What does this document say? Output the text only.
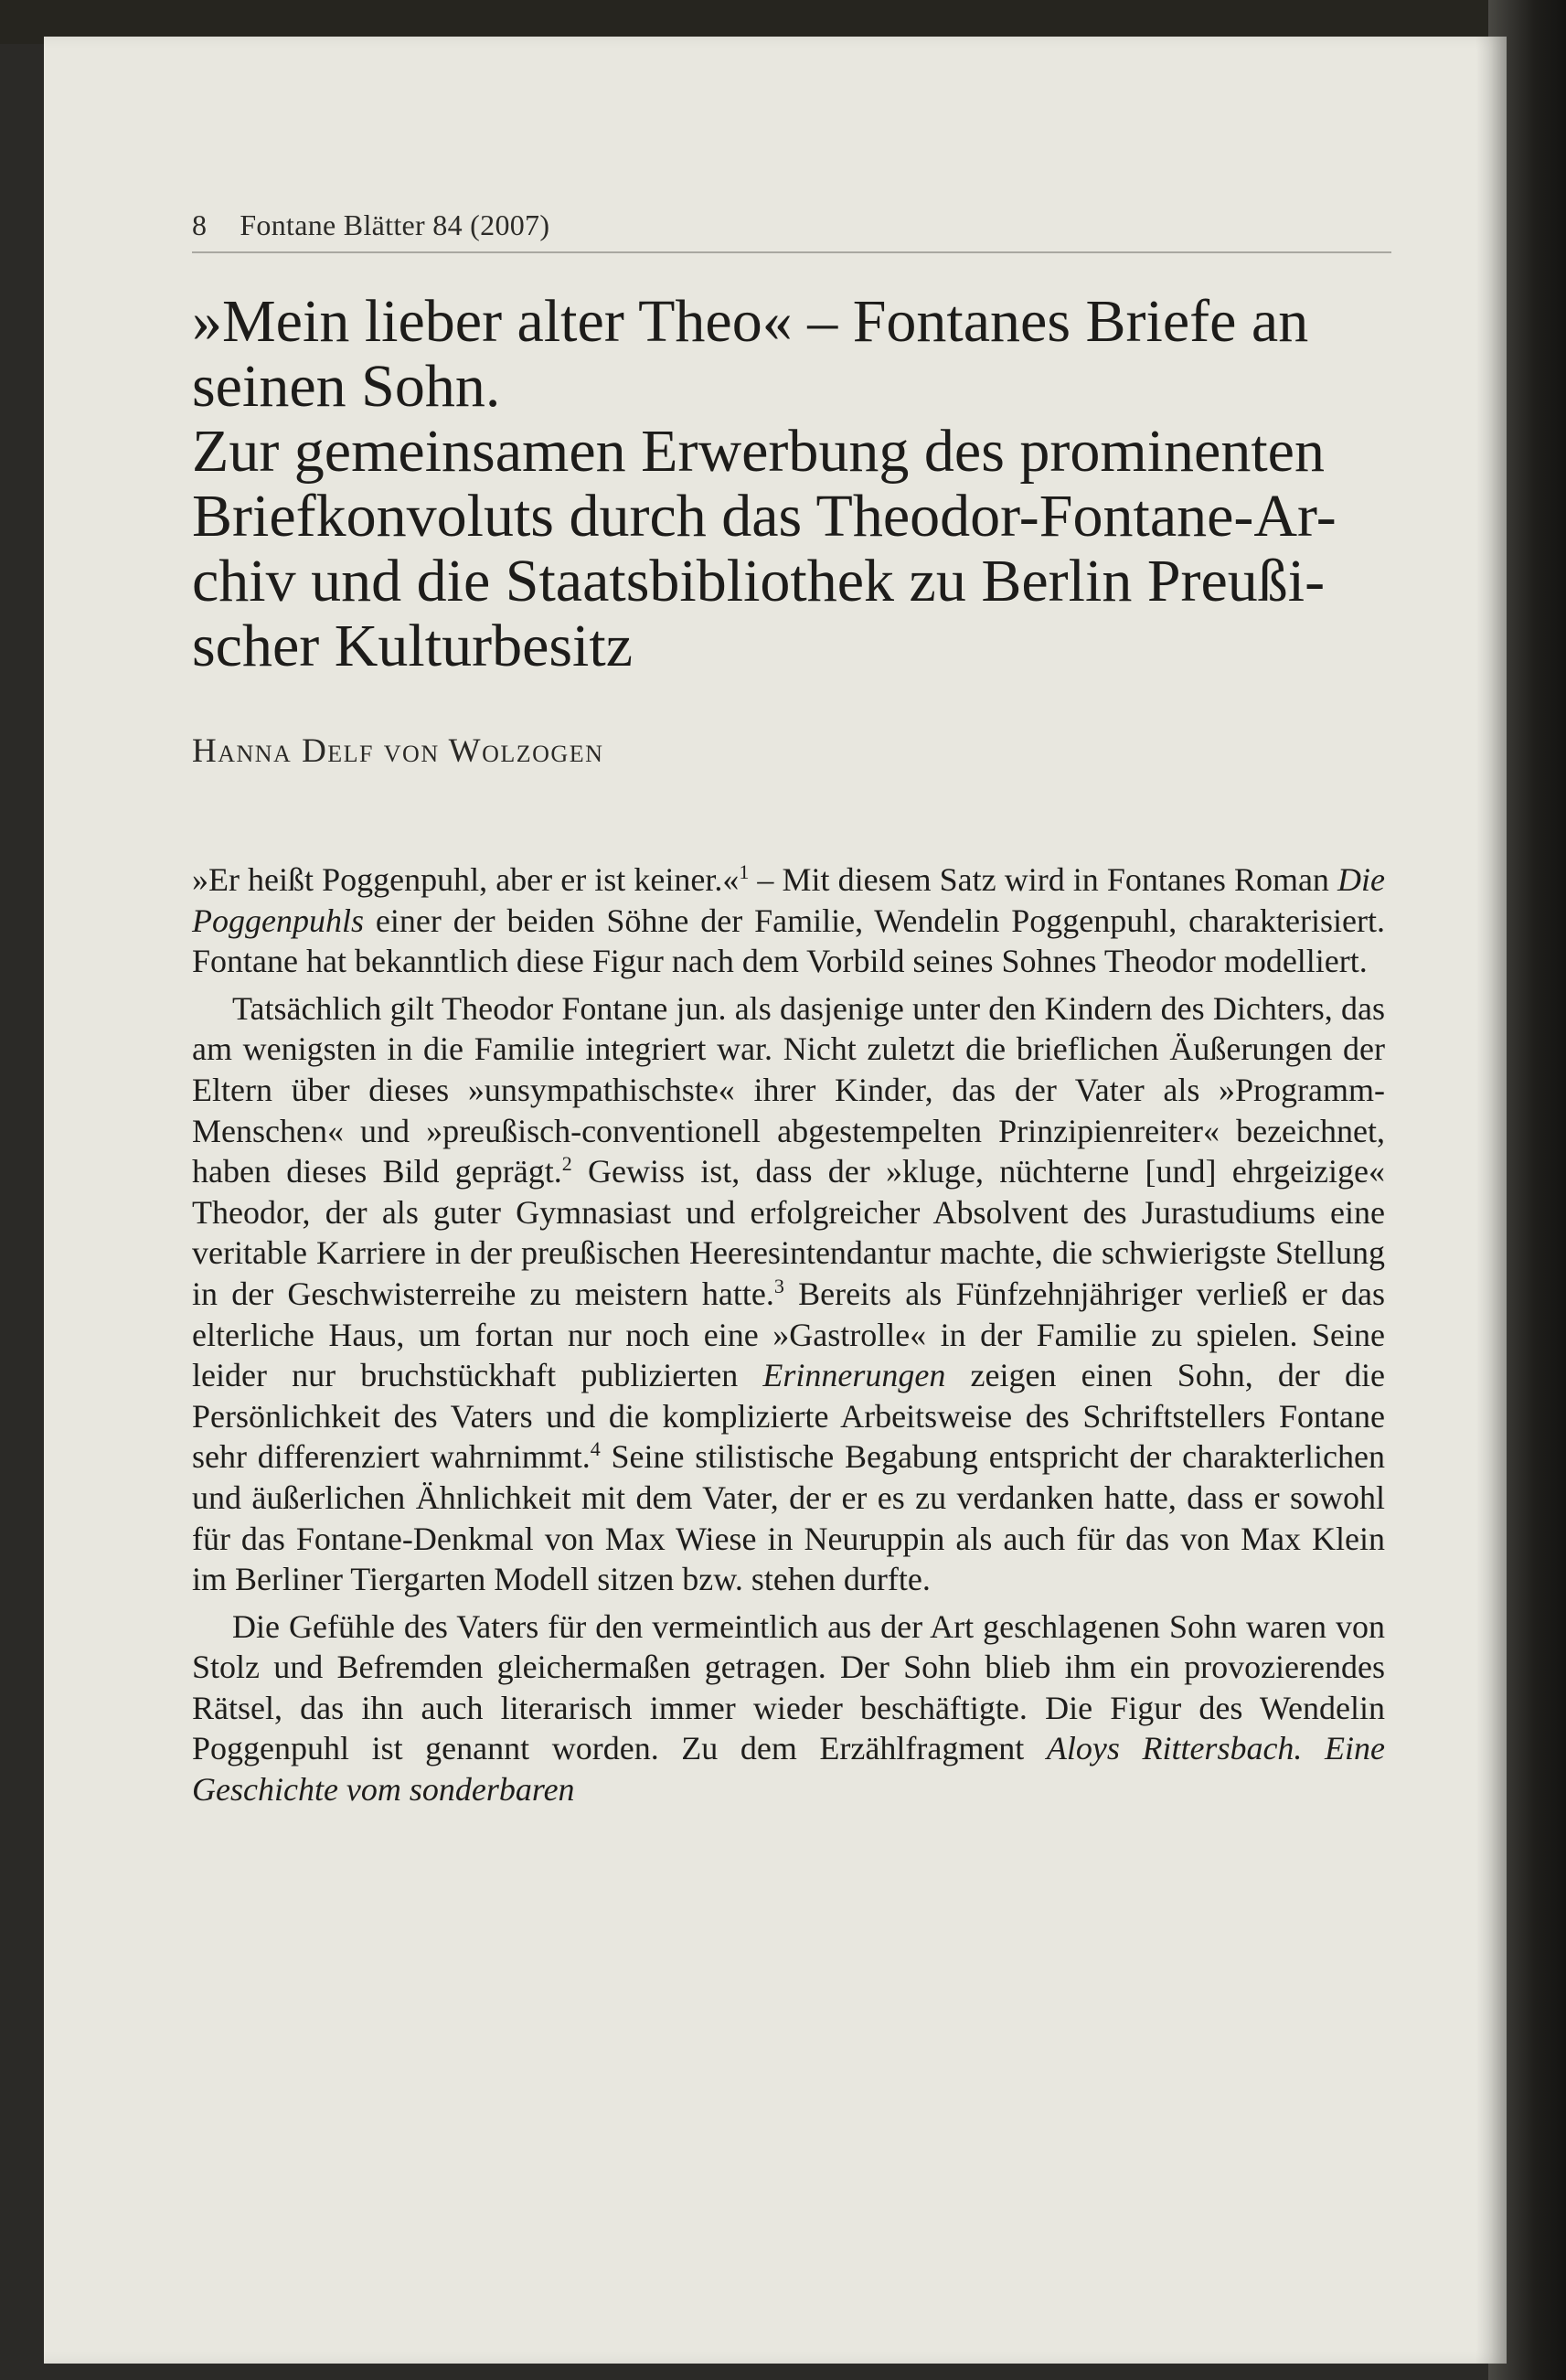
8 Fontane Blätter 84 (2007)
»Mein lieber alter Theo« – Fontanes Briefe an
seinen Sohn.
Zur gemeinsamen Erwerbung des prominenten
Briefkonvoluts durch das Theodor-Fontane-Ar-
chiv und die Staatsbibliothek zu Berlin Preußi-
scher Kulturbesitz
Hanna Delf von Wolzogen

»Er heißt Poggenpuhl, aber er ist keiner.«$^1$ – Mit diesem Satz wird in Fontanes Roman Die Poggenpuhls einer der beiden Söhne der Familie, Wendelin Poggenpuhl, charakterisiert. Fontane hat bekanntlich diese Figur nach dem Vorbild seines Sohnes Theodor modelliert.

Tatsächlich gilt Theodor Fontane jun. als dasjenige unter den Kindern des Dichters, das am wenigsten in die Familie integriert war. Nicht zuletzt die brieflichen Äußerungen der Eltern über dieses »unsympathischste« ihrer Kinder, das der Vater als »Programm-Menschen« und »preußisch-conventionell abgestempelten Prinzipienreiter« bezeichnet, haben dieses Bild geprägt.$^2$ Gewiss ist, dass der »kluge, nüchterne [und] ehrgeizige« Theodor, der als guter Gymnasiast und erfolgreicher Absolvent des Jurastudiums eine veritable Karriere in der preußischen Heeresintendantur machte, die schwierigste Stellung in der Geschwisterreihe zu meistern hatte.$^3$ Bereits als Fünfzehnjähriger verließ er das elterliche Haus, um fortan nur noch eine »Gastrolle« in der Familie zu spielen. Seine leider nur bruchstückhaft publizierten Erinnerungen zeigen einen Sohn, der die Persönlichkeit des Vaters und die komplizierte Arbeitsweise des Schriftstellers Fontane sehr differenziert wahrnimmt.$^4$ Seine stilistische Begabung entspricht der charakterlichen und äußerlichen Ähnlichkeit mit dem Vater, der er es zu verdanken hatte, dass er sowohl für das Fontane-Denkmal von Max Wiese in Neuruppin als auch für das von Max Klein im Berliner Tiergarten Modell sitzen bzw. stehen durfte.

Die Gefühle des Vaters für den vermeintlich aus der Art geschlagenen Sohn waren von Stolz und Befremden gleichermaßen getragen. Der Sohn blieb ihm ein provozierendes Rätsel, das ihn auch literarisch immer wieder beschäftigte. Die Figur des Wendelin Poggenpuhl ist genannt worden. Zu dem Erzählfragment Aloys Rittersbach. Eine Geschichte vom sonderbaren
